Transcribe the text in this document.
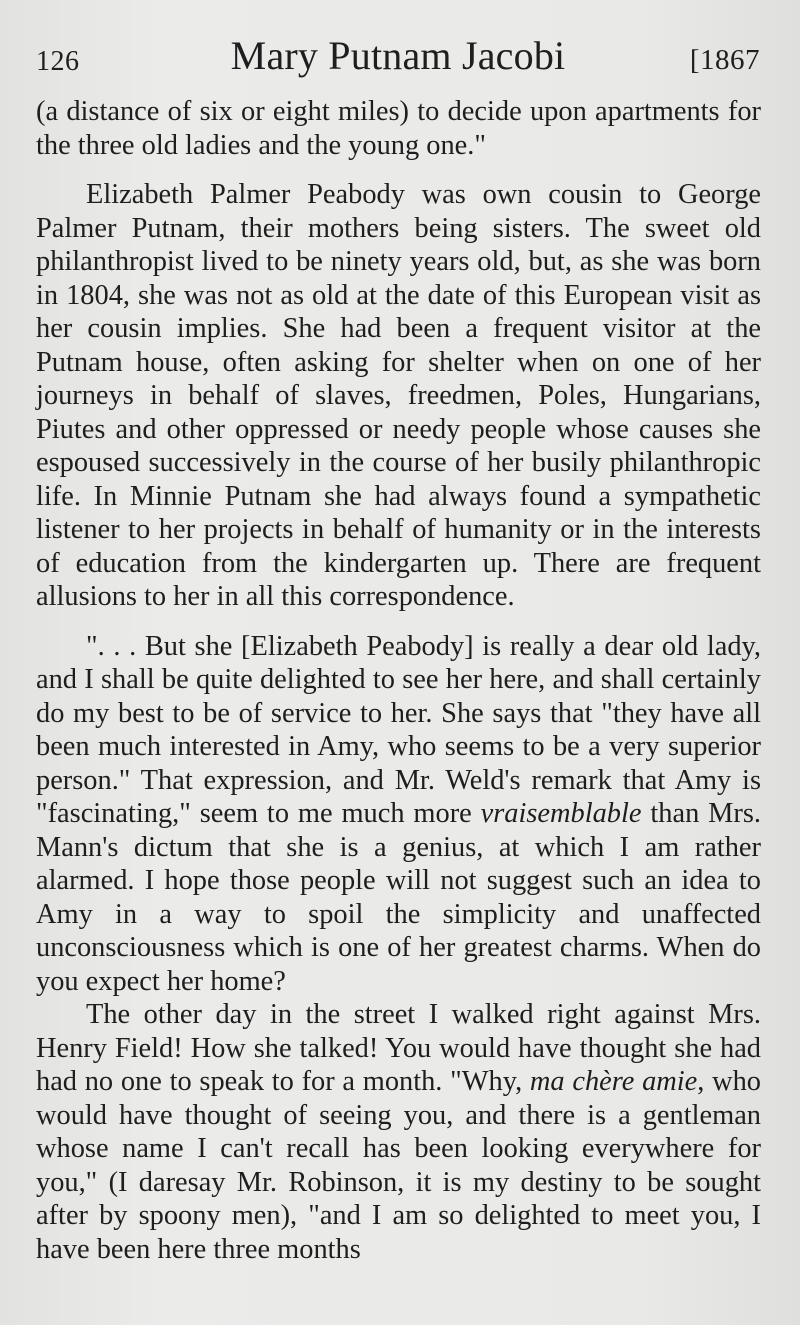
126	Mary Putnam Jacobi	[1867

(a distance of six or eight miles) to decide upon apartments for the three old ladies and the young one."

Elizabeth Palmer Peabody was own cousin to George Palmer Putnam, their mothers being sisters. The sweet old philanthropist lived to be ninety years old, but, as she was born in 1804, she was not as old at the date of this European visit as her cousin implies. She had been a frequent visitor at the Putnam house, often asking for shelter when on one of her journeys in behalf of slaves, freedmen, Poles, Hungarians, Piutes and other oppressed or needy people whose causes she espoused successively in the course of her busily philanthropic life. In Minnie Putnam she had always found a sympathetic listener to her projects in behalf of humanity or in the interests of education from the kindergarten up. There are frequent allusions to her in all this correspondence.

". . . But she [Elizabeth Peabody] is really a dear old lady, and I shall be quite delighted to see her here, and shall certainly do my best to be of service to her. She says that "they have all been much interested in Amy, who seems to be a very superior person." That expression, and Mr. Weld's remark that Amy is "fascinating," seem to me much more vraisemblable than Mrs. Mann's dictum that she is a genius, at which I am rather alarmed. I hope those people will not suggest such an idea to Amy in a way to spoil the simplicity and unaffected unconsciousness which is one of her greatest charms. When do you expect her home?

The other day in the street I walked right against Mrs. Henry Field! How she talked! You would have thought she had had no one to speak to for a month. "Why, ma chère amie, who would have thought of seeing you, and there is a gentleman whose name I can't recall has been looking everywhere for you," (I daresay Mr. Robinson, it is my destiny to be sought after by spoony men), "and I am so delighted to meet you, I have been here three months
